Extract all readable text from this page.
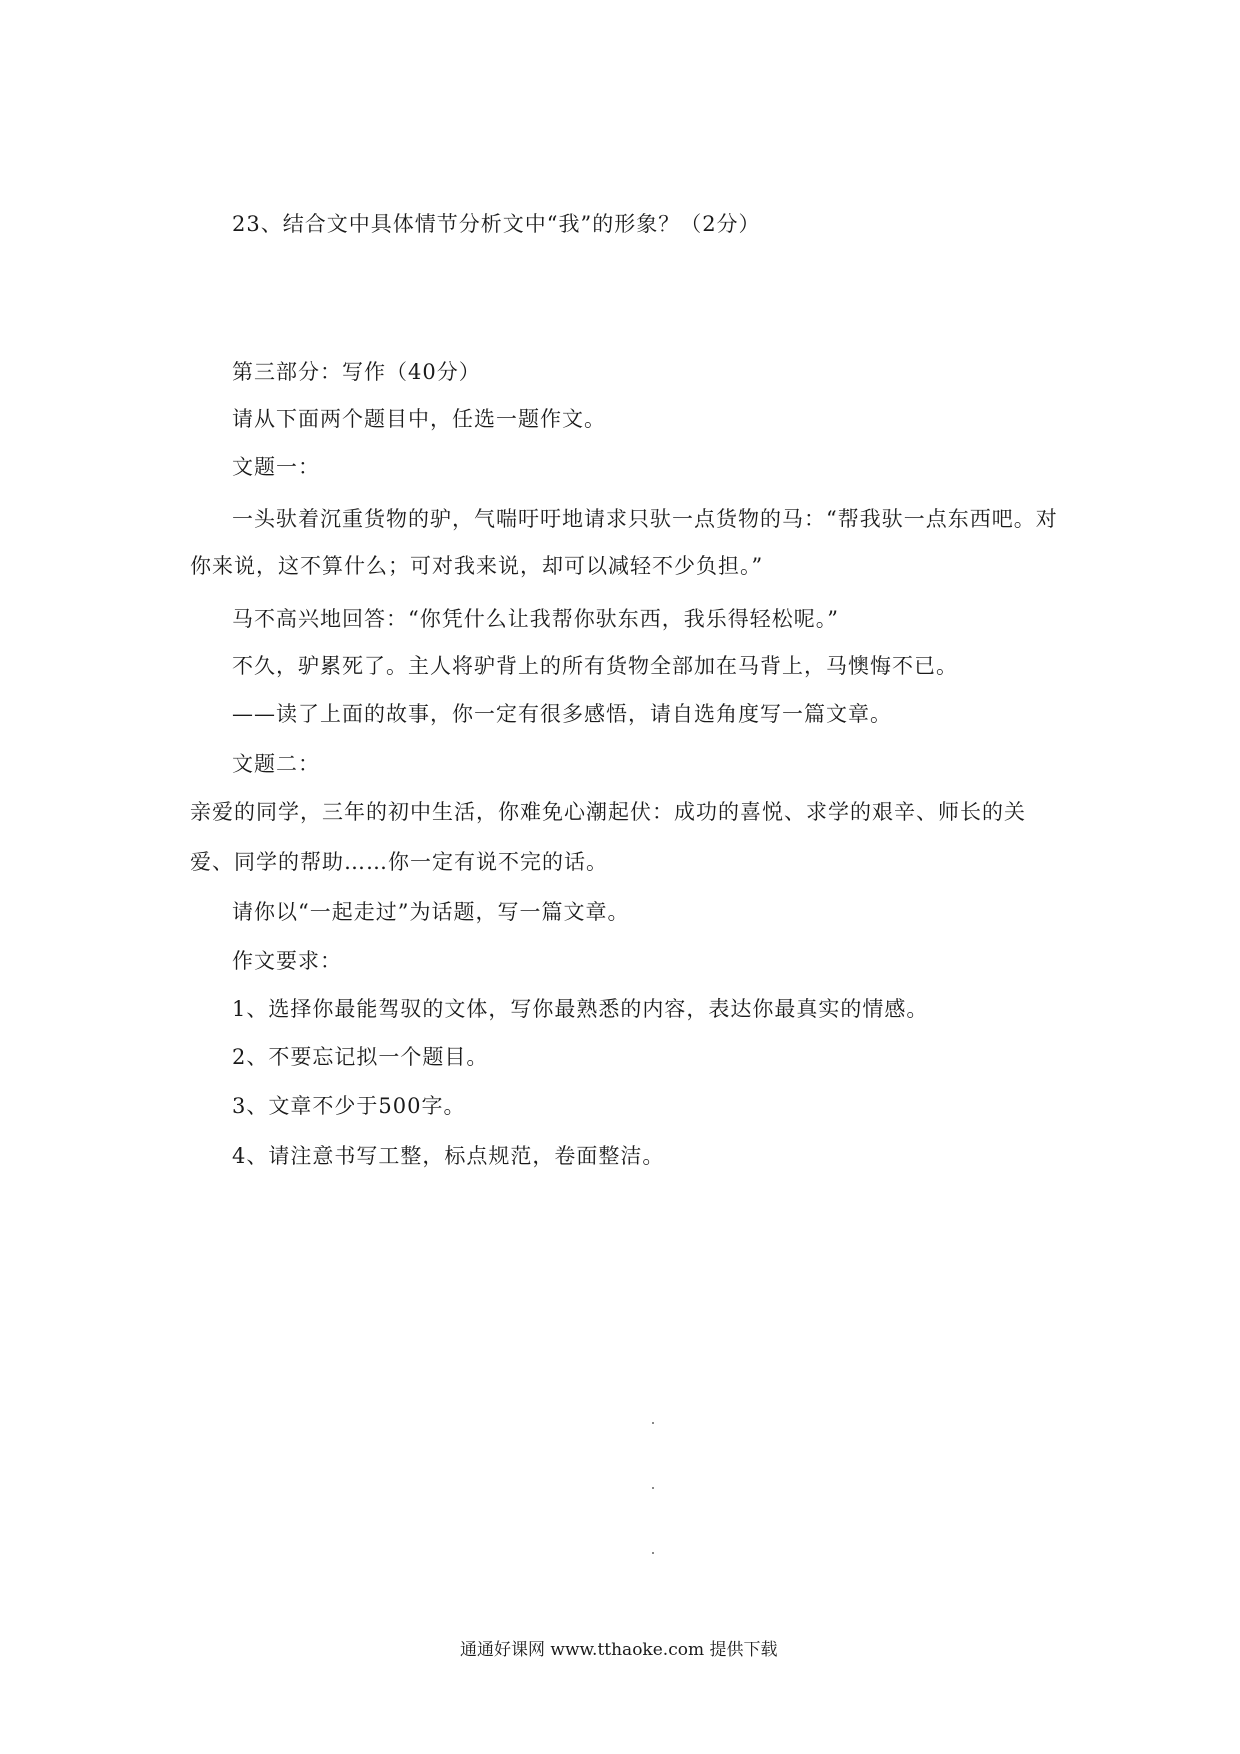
23、结合文中具体情节分析文中“我”的形象？（2分）
第三部分：写作（40分）
请从下面两个题目中，任选一题作文。
文题一：
一头驮着沉重货物的驴，气喘吁吁地请求只驮一点货物的马：“帮我驮一点东西吧。对
你来说，这不算什么；可对我来说，却可以减轻不少负担。”
马不高兴地回答：“你凭什么让我帮你驮东西，我乐得轻松呢。”
不久，驴累死了。主人将驴背上的所有货物全部加在马背上，马懊悔不已。
——读了上面的故事，你一定有很多感悟，请自选角度写一篇文章。
文题二：
亲爱的同学，三年的初中生活，你难免心潮起伏：成功的喜悦、求学的艰辛、师长的关
爱、同学的帮助……你一定有说不完的话。
请你以“一起走过”为话题，写一篇文章。
作文要求：
1、选择你最能驾驭的文体，写你最熟悉的内容，表达你最真实的情感。
2、不要忘记拟一个题目。
3、文章不少于500字。
4、请注意书写工整，标点规范，卷面整洁。
通通好课网 www.tthaoke.com 提供下载
